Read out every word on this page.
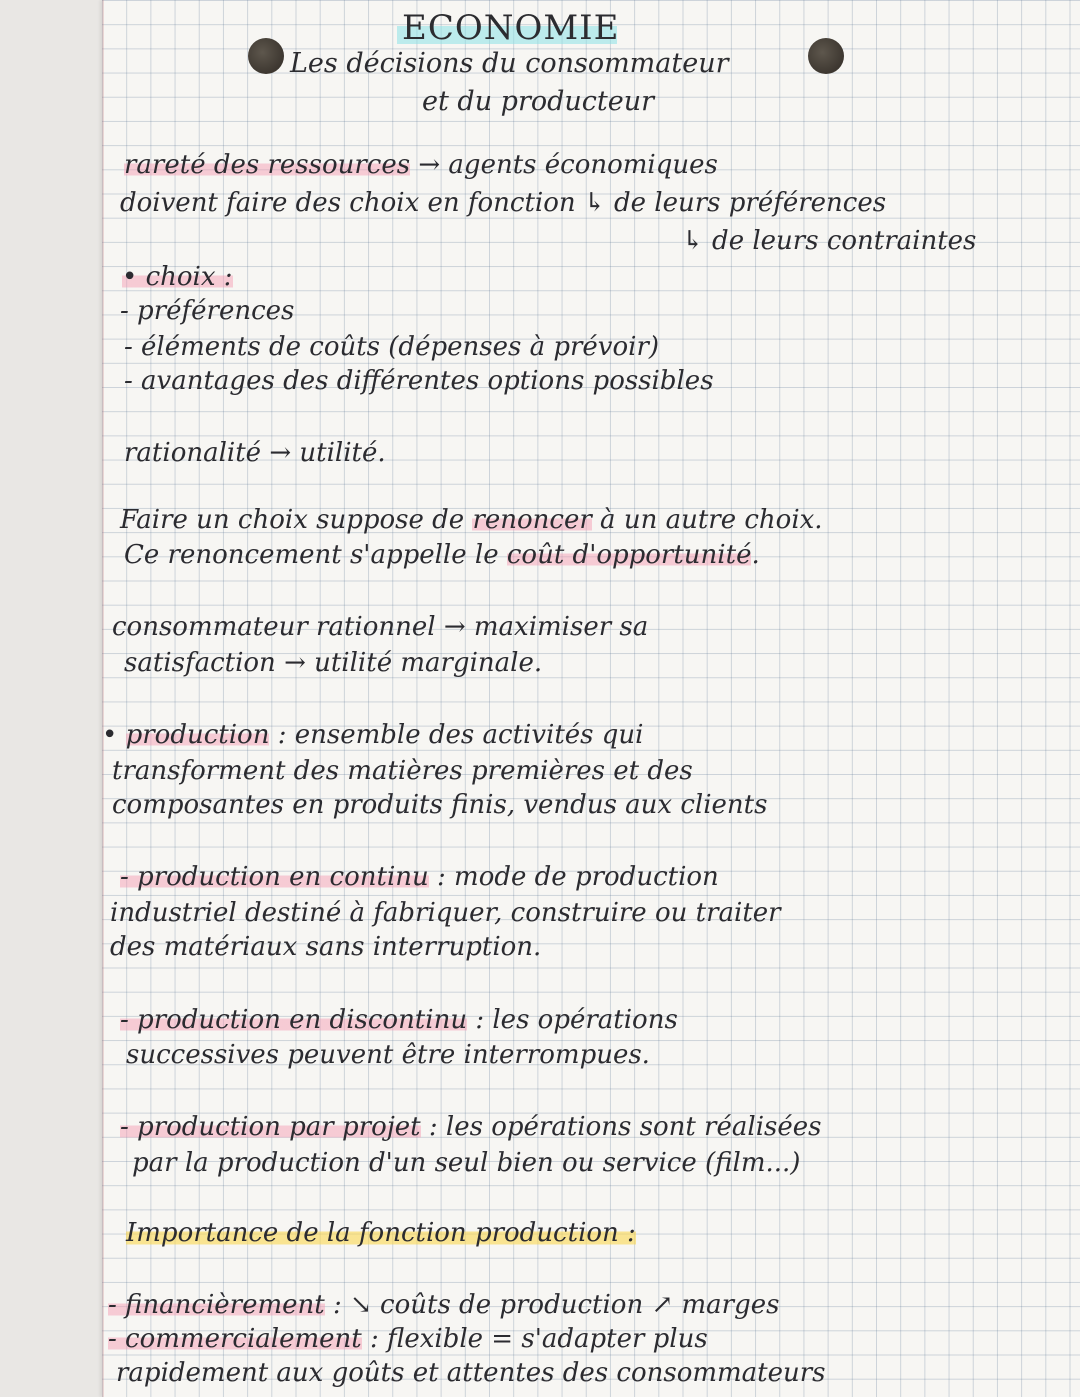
ECONOMIE
Les décisions du consommateur
et du producteur
rareté des ressources → agents économiques
doivent faire des choix en fonction ↳ de leurs préférences
↳ de leurs contraintes
• choix :
- préférences
- éléments de coûts (dépenses à prévoir)
- avantages des différentes options possibles
rationalité → utilité.
Faire un choix suppose de renoncer à un autre choix.
Ce renoncement s'appelle le coût d'opportunité.
consommateur rationnel → maximiser sa
satisfaction → utilité marginale.
• production : ensemble des activités qui
transforment des matières premières et des
composantes en produits finis, vendus aux clients
- production en continu : mode de production
industriel destiné à fabriquer, construire ou traiter
des matériaux sans interruption.
- production en discontinu : les opérations
successives peuvent être interrompues.
- production par projet : les opérations sont réalisées
par la production d'un seul bien ou service (film...)
Importance de la fonction production :
- financièrement : ↘ coûts de production ↗ marges
- commercialement : flexible = s'adapter plus
rapidement aux goûts et attentes des consommateurs
